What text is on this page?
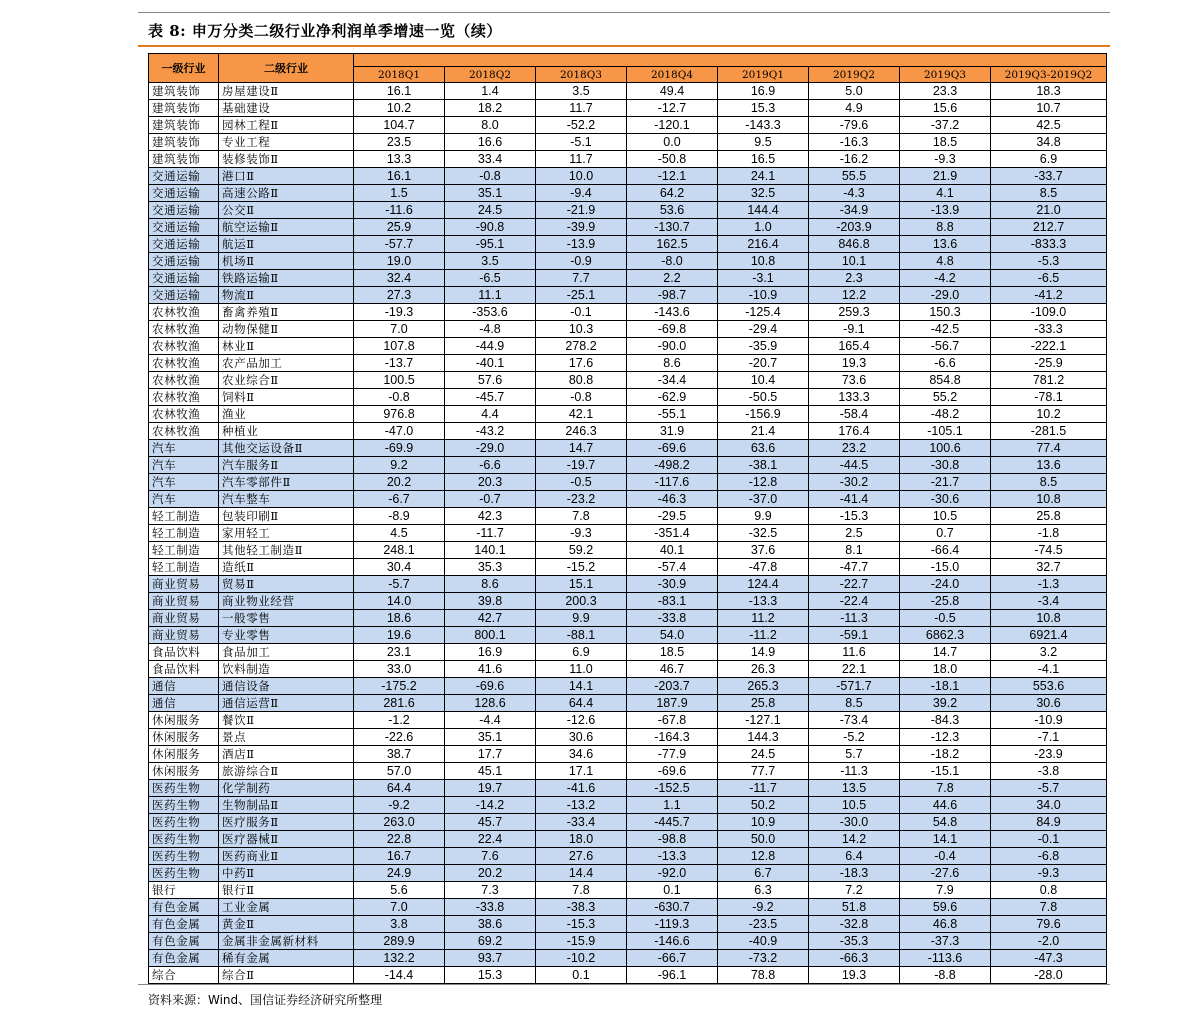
表 8: 申万分类二级行业净利润单季增速一览（续）
一级行业	二级行业								
		2018Q1	2018Q2	2018Q3	2018Q4	2019Q1	2019Q2	2019Q3	2019Q3-2019Q2
建筑装饰	房屋建设Ⅱ	16.1	1.4	3.5	49.4	16.9	5.0	23.3	18.3
建筑装饰	基础建设	10.2	18.2	11.7	-12.7	15.3	4.9	15.6	10.7
建筑装饰	园林工程Ⅱ	104.7	8.0	-52.2	-120.1	-143.3	-79.6	-37.2	42.5
建筑装饰	专业工程	23.5	16.6	-5.1	0.0	9.5	-16.3	18.5	34.8
建筑装饰	装修装饰Ⅱ	13.3	33.4	11.7	-50.8	16.5	-16.2	-9.3	6.9
交通运输	港口Ⅱ	16.1	-0.8	10.0	-12.1	24.1	55.5	21.9	-33.7
交通运输	高速公路Ⅱ	1.5	35.1	-9.4	64.2	32.5	-4.3	4.1	8.5
交通运输	公交Ⅱ	-11.6	24.5	-21.9	53.6	144.4	-34.9	-13.9	21.0
交通运输	航空运输Ⅱ	25.9	-90.8	-39.9	-130.7	1.0	-203.9	8.8	212.7
交通运输	航运Ⅱ	-57.7	-95.1	-13.9	162.5	216.4	846.8	13.6	-833.3
交通运输	机场Ⅱ	19.0	3.5	-0.9	-8.0	10.8	10.1	4.8	-5.3
交通运输	铁路运输Ⅱ	32.4	-6.5	7.7	2.2	-3.1	2.3	-4.2	-6.5
交通运输	物流Ⅱ	27.3	11.1	-25.1	-98.7	-10.9	12.2	-29.0	-41.2
农林牧渔	畜禽养殖Ⅱ	-19.3	-353.6	-0.1	-143.6	-125.4	259.3	150.3	-109.0
农林牧渔	动物保健Ⅱ	7.0	-4.8	10.3	-69.8	-29.4	-9.1	-42.5	-33.3
农林牧渔	林业Ⅱ	107.8	-44.9	278.2	-90.0	-35.9	165.4	-56.7	-222.1
农林牧渔	农产品加工	-13.7	-40.1	17.6	8.6	-20.7	19.3	-6.6	-25.9
农林牧渔	农业综合Ⅱ	100.5	57.6	80.8	-34.4	10.4	73.6	854.8	781.2
农林牧渔	饲料Ⅱ	-0.8	-45.7	-0.8	-62.9	-50.5	133.3	55.2	-78.1
农林牧渔	渔业	976.8	4.4	42.1	-55.1	-156.9	-58.4	-48.2	10.2
农林牧渔	种植业	-47.0	-43.2	246.3	31.9	21.4	176.4	-105.1	-281.5
汽车	其他交运设备Ⅱ	-69.9	-29.0	14.7	-69.6	63.6	23.2	100.6	77.4
汽车	汽车服务Ⅱ	9.2	-6.6	-19.7	-498.2	-38.1	-44.5	-30.8	13.6
汽车	汽车零部件Ⅱ	20.2	20.3	-0.5	-117.6	-12.8	-30.2	-21.7	8.5
汽车	汽车整车	-6.7	-0.7	-23.2	-46.3	-37.0	-41.4	-30.6	10.8
轻工制造	包装印刷Ⅱ	-8.9	42.3	7.8	-29.5	9.9	-15.3	10.5	25.8
轻工制造	家用轻工	4.5	-11.7	-9.3	-351.4	-32.5	2.5	0.7	-1.8
轻工制造	其他轻工制造Ⅱ	248.1	140.1	59.2	40.1	37.6	8.1	-66.4	-74.5
轻工制造	造纸Ⅱ	30.4	35.3	-15.2	-57.4	-47.8	-47.7	-15.0	32.7
商业贸易	贸易Ⅱ	-5.7	8.6	15.1	-30.9	124.4	-22.7	-24.0	-1.3
商业贸易	商业物业经营	14.0	39.8	200.3	-83.1	-13.3	-22.4	-25.8	-3.4
商业贸易	一般零售	18.6	42.7	9.9	-33.8	11.2	-11.3	-0.5	10.8
商业贸易	专业零售	19.6	800.1	-88.1	54.0	-11.2	-59.1	6862.3	6921.4
食品饮料	食品加工	23.1	16.9	6.9	18.5	14.9	11.6	14.7	3.2
食品饮料	饮料制造	33.0	41.6	11.0	46.7	26.3	22.1	18.0	-4.1
通信	通信设备	-175.2	-69.6	14.1	-203.7	265.3	-571.7	-18.1	553.6
通信	通信运营Ⅱ	281.6	128.6	64.4	187.9	25.8	8.5	39.2	30.6
休闲服务	餐饮Ⅱ	-1.2	-4.4	-12.6	-67.8	-127.1	-73.4	-84.3	-10.9
休闲服务	景点	-22.6	35.1	30.6	-164.3	144.3	-5.2	-12.3	-7.1
休闲服务	酒店Ⅱ	38.7	17.7	34.6	-77.9	24.5	5.7	-18.2	-23.9
休闲服务	旅游综合Ⅱ	57.0	45.1	17.1	-69.6	77.7	-11.3	-15.1	-3.8
医药生物	化学制药	64.4	19.7	-41.6	-152.5	-11.7	13.5	7.8	-5.7
医药生物	生物制品Ⅱ	-9.2	-14.2	-13.2	1.1	50.2	10.5	44.6	34.0
医药生物	医疗服务Ⅱ	263.0	45.7	-33.4	-445.7	10.9	-30.0	54.8	84.9
医药生物	医疗器械Ⅱ	22.8	22.4	18.0	-98.8	50.0	14.2	14.1	-0.1
医药生物	医药商业Ⅱ	16.7	7.6	27.6	-13.3	12.8	6.4	-0.4	-6.8
医药生物	中药Ⅱ	24.9	20.2	14.4	-92.0	6.7	-18.3	-27.6	-9.3
银行	银行Ⅱ	5.6	7.3	7.8	0.1	6.3	7.2	7.9	0.8
有色金属	工业金属	7.0	-33.8	-38.3	-630.7	-9.2	51.8	59.6	7.8
有色金属	黄金Ⅱ	3.8	38.6	-15.3	-119.3	-23.5	-32.8	46.8	79.6
有色金属	金属非金属新材料	289.9	69.2	-15.9	-146.6	-40.9	-35.3	-37.3	-2.0
有色金属	稀有金属	132.2	93.7	-10.2	-66.7	-73.2	-66.3	-113.6	-47.3
综合	综合Ⅱ	-14.4	15.3	0.1	-96.1	78.8	19.3	-8.8	-28.0
资料来源：Wind、国信证券经济研究所整理
